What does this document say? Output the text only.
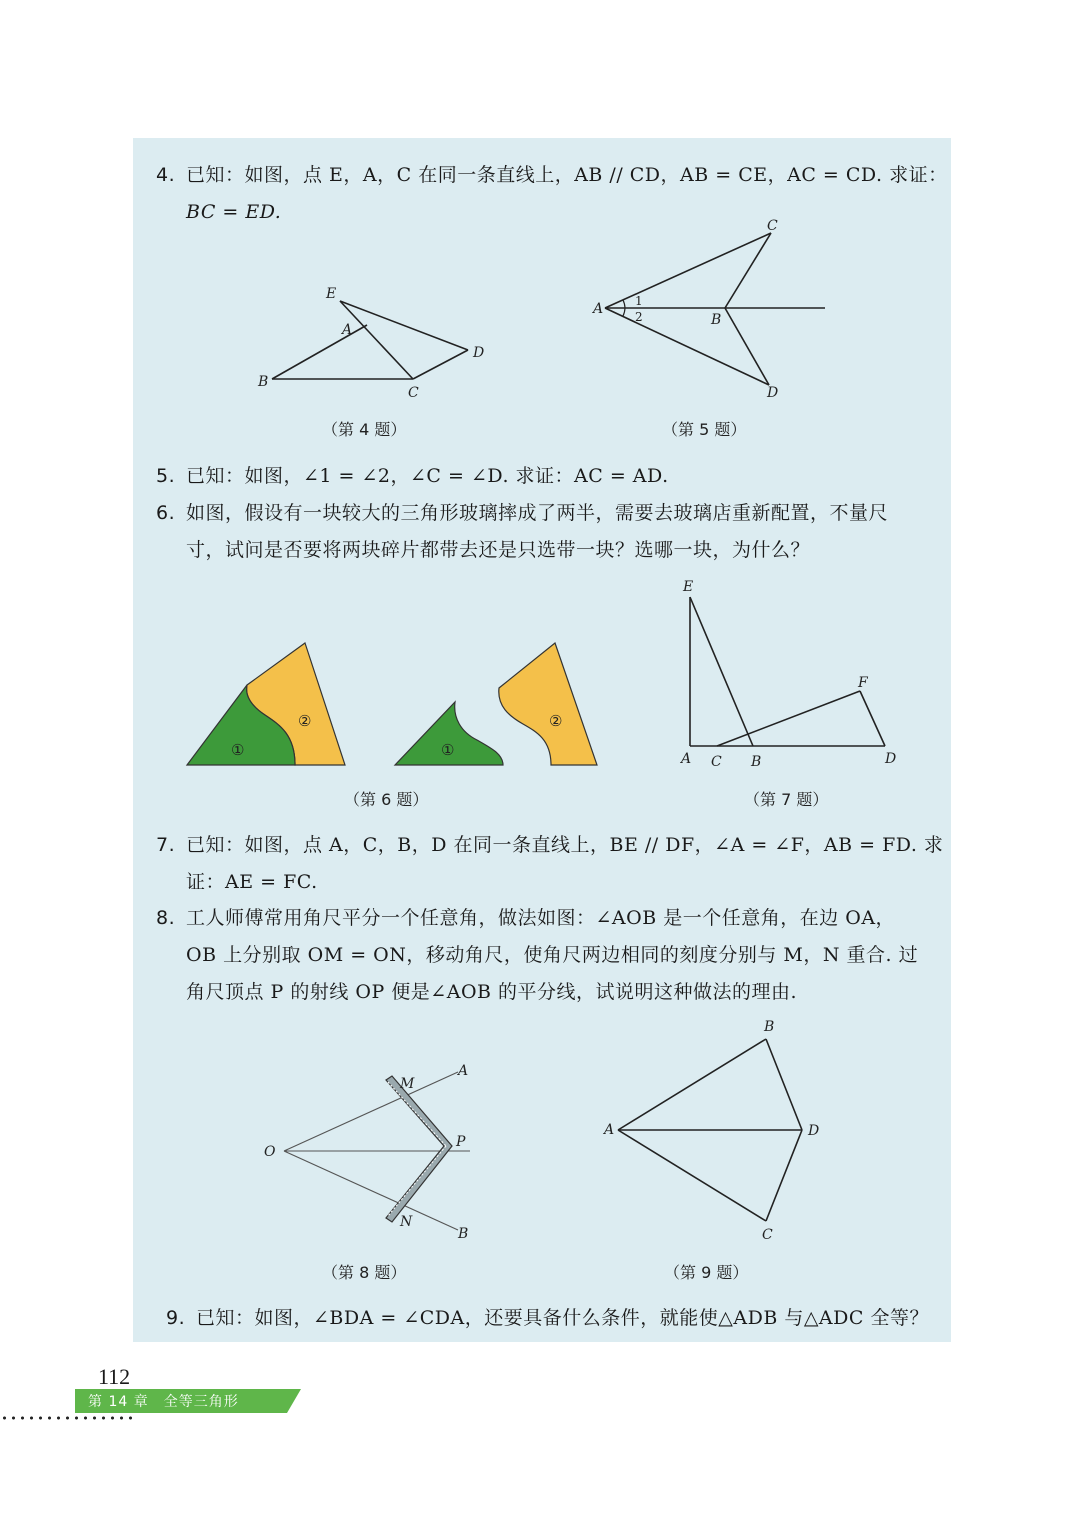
4. 已知：如图，点 E，A，C 在同一条直线上，AB // CD，AB = CE，AC = CD. 求证：
BC = ED.
E
A
B
C
D
（第 4 题）
A
B
C
D
1
2
（第 5 题）
5. 已知：如图，∠1 = ∠2，∠C = ∠D. 求证：AC = AD.
6. 如图，假设有一块较大的三角形玻璃摔成了两半，需要去玻璃店重新配置，不量尺
寸，试问是否要将两块碎片都带去还是只选带一块？选哪一块，为什么？
①
②
①
②
（第 6 题）
E
F
A C B	D
（第 7 题）
7. 已知：如图，点 A，C，B，D 在同一条直线上，BE // DF，∠A = ∠F，AB = FD. 求
证：AE = FC.
8. 工人师傅常用角尺平分一个任意角，做法如图：∠AOB 是一个任意角，在边 OA，
OB 上分别取 OM = ON，移动角尺，使角尺两边相同的刻度分别与 M，N 重合. 过
角尺顶点 P 的射线 OP 便是∠AOB 的平分线，试说明这种做法的理由.
O
M
A
P
N
B
（第 8 题）
A
B
C
D
（第 9 题）
9. 已知：如图，∠BDA = ∠CDA，还要具备什么条件，就能使△ADB 与△ADC 全等？
112
第 14 章　全等三角形
